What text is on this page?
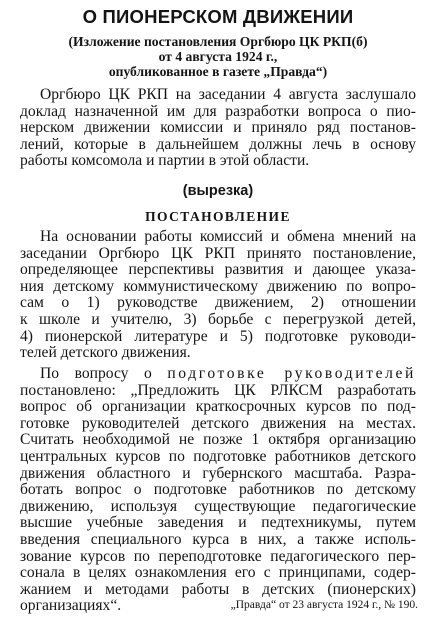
О ПИОНЕРСКОМ ДВИЖЕНИИ
(Изложение постановления Оргбюро ЦК РКП(б)
от 4 августа 1924 г.,
опубликованное в газете „Правда“)
Оргбюро ЦК РКП на заседании 4 августа заслушало
доклад назначенной им для разработки вопроса о пио-
нерском движении комиссии и приняло ряд постанов-
лений, которые в дальнейшем должны лечь в основу
работы комсомола и партии в этой области.
(вырезка)
ПОСТАНОВЛЕНИЕ
На основании работы комиссий и обмена мнений на
заседании Оргбюро ЦК РКП принято постановление,
определяющее перспективы развития и дающее указа-
ния детскому коммунистическому движению по вопро-
сам о 1) руководстве движением, 2) отношении
к школе и учителю, 3) борьбе с перегрузкой детей,
4) пионерской литературе и 5) подготовке руководи-
телей детского движения.
По вопросу о подготовке руководителей
постановлено: „Предложить ЦК РЛКСМ разработать
вопрос об организации краткосрочных курсов по под-
готовке руководителей детского движения на местах.
Считать необходимой не позже 1 октября организацию
центральных курсов по подготовке работников детского
движения областного и губернского масштаба. Разра-
ботать вопрос о подготовке работников по детскому
движению, используя существующие педагогические
высшие учебные заведения и педтехникумы, путем
введения специального курса в них, а также исполь-
зование курсов по переподготовке педагогического пер-
сонала в целях ознакомления его с принципами, содер-
жанием и методами работы в детских (пионерских)
организациях“.	„Правда“ от 23 августа 1924 г., № 190.
